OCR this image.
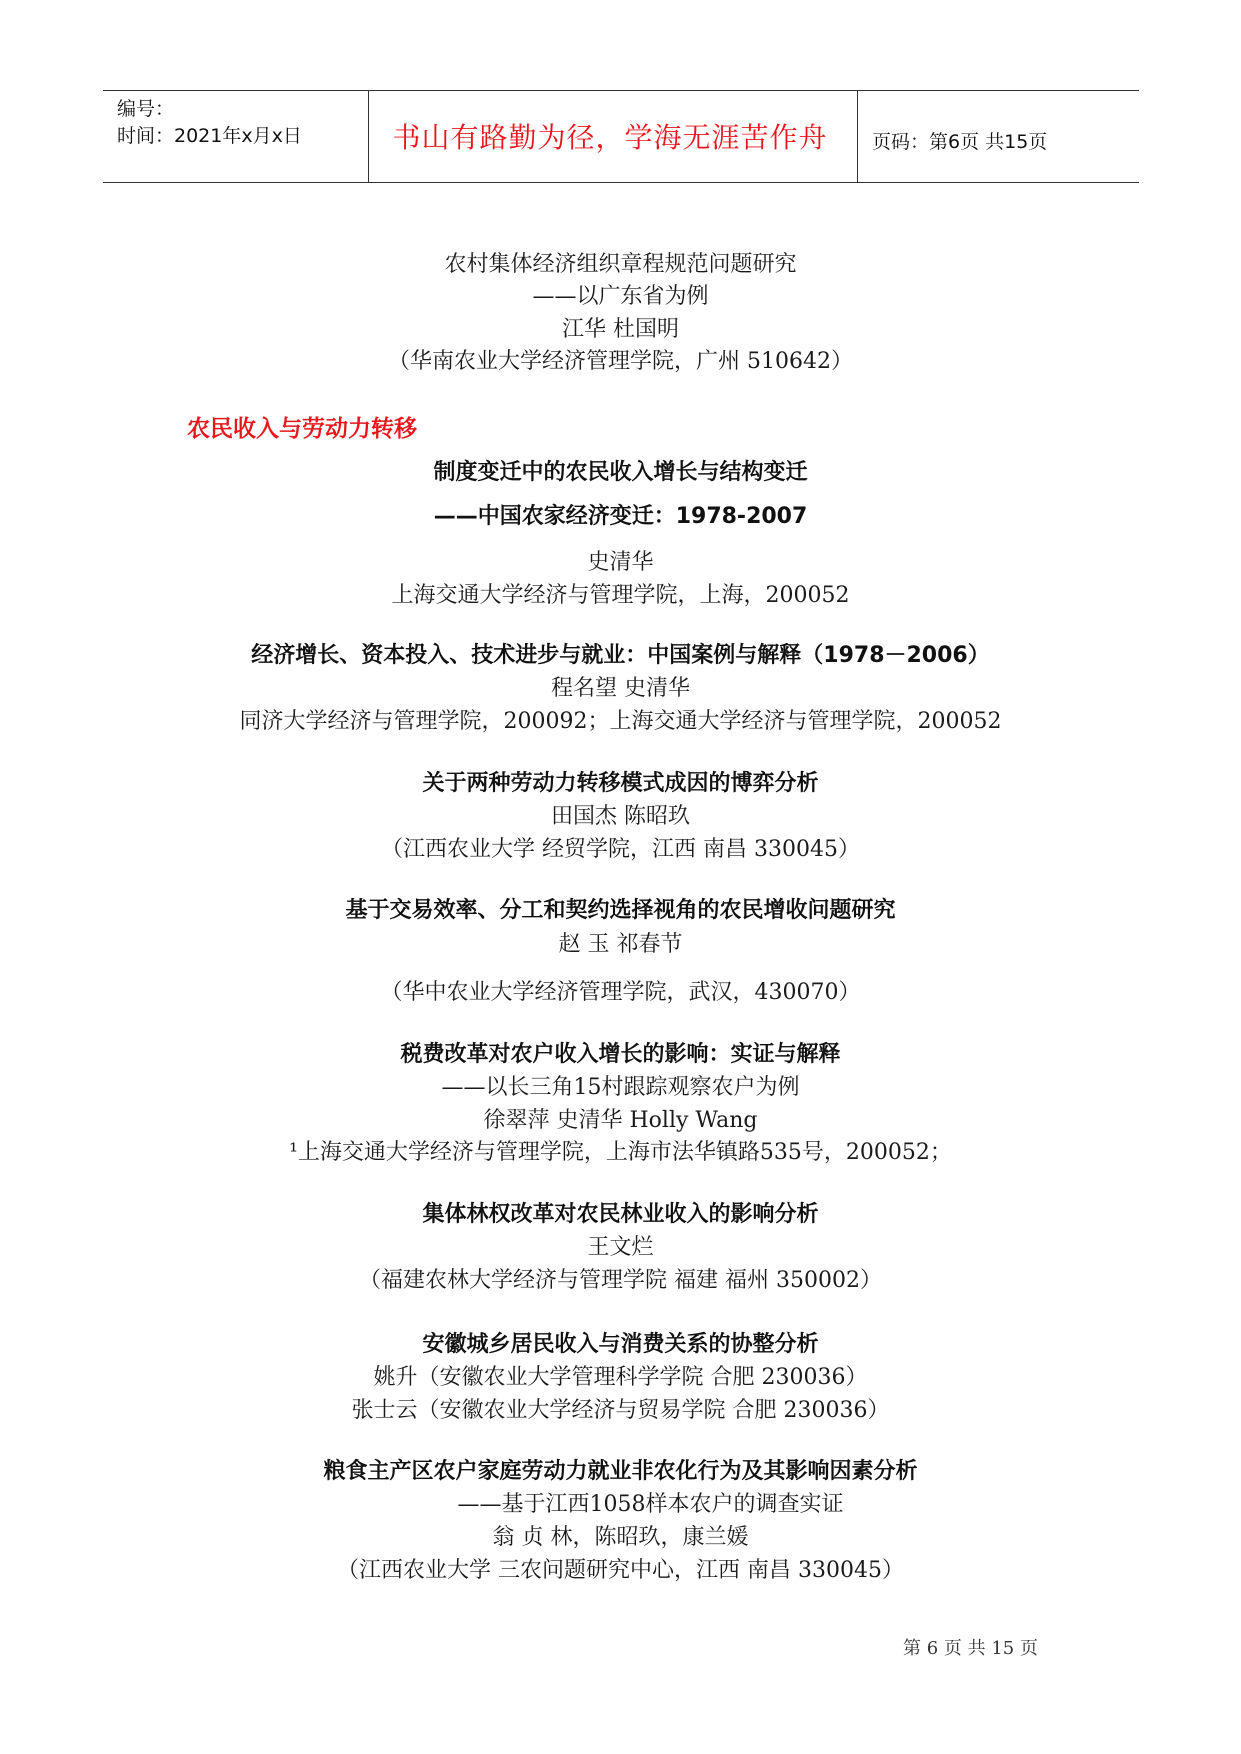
编号：
时间：2021年x月x日	书山有路勤为径，学海无涯苦作舟	页码：第6页 共15页
农村集体经济组织章程规范问题研究
——以广东省为例
江华 杜国明
（华南农业大学经济管理学院，广州 510642）
农民收入与劳动力转移
制度变迁中的农民收入增长与结构变迁
——中国农家经济变迁：1978-2007
史清华
上海交通大学经济与管理学院，上海，200052
经济增长、资本投入、技术进步与就业：中国案例与解释（1978－2006）
程名望 史清华
同济大学经济与管理学院，200092；上海交通大学经济与管理学院，200052
关于两种劳动力转移模式成因的博弈分析
田国杰 陈昭玖
（江西农业大学 经贸学院，江西 南昌 330045）
基于交易效率、分工和契约选择视角的农民增收问题研究
赵 玉 祁春节
（华中农业大学经济管理学院，武汉，430070）
税费改革对农户收入增长的影响：实证与解释
——以长三角15村跟踪观察农户为例
徐翠萍 史清华 Holly Wang
¹上海交通大学经济与管理学院，上海市法华镇路535号，200052；
集体林权改革对农民林业收入的影响分析
王文烂
（福建农林大学经济与管理学院 福建 福州 350002）
安徽城乡居民收入与消费关系的协整分析
姚升（安徽农业大学管理科学学院 合肥 230036）
张士云（安徽农业大学经济与贸易学院 合肥 230036）
粮食主产区农户家庭劳动力就业非农化行为及其影响因素分析
——基于江西1058样本农户的调查实证
翁 贞 林，陈昭玖，康兰媛
（江西农业大学 三农问题研究中心，江西 南昌 330045）
第 6 页 共 15 页
